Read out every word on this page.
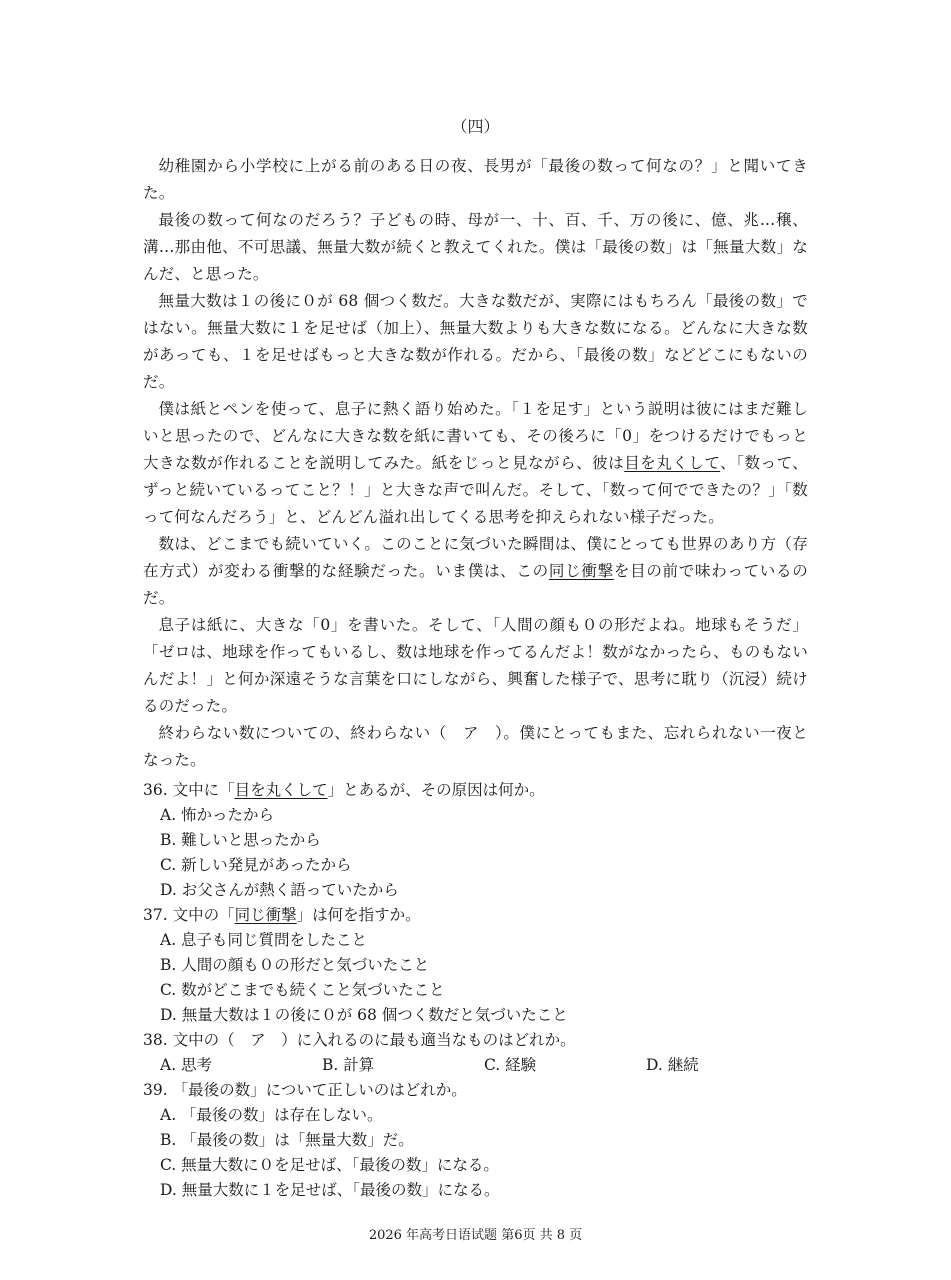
（四）

幼稚園から小学校に上がる前のある日の夜、長男が「最後の数って何なの？」と聞いてきた。

最後の数って何なのだろう？子どもの時、母が一、十、百、千、万の後に、億、兆…穣、溝…那由他、不可思議、無量大数が続くと教えてくれた。僕は「最後の数」は「無量大数」なんだ、と思った。

無量大数は１の後に０が 68 個つく数だ。大きな数だが、実際にはもちろん「最後の数」ではない。無量大数に１を足せば（加上）、無量大数よりも大きな数になる。どんなに大きな数があっても、１を足せばもっと大きな数が作れる。だから、「最後の数」などどこにもないのだ。

僕は紙とペンを使って、息子に熱く語り始めた。「１を足す」という説明は彼にはまだ難しいと思ったので、どんなに大きな数を紙に書いても、その後ろに「0」をつけるだけでもっと大きな数が作れることを説明してみた。紙をじっと見ながら、彼は目を丸くして、「数って、ずっと続いているってこと？！」と大きな声で叫んだ。そして、「数って何でできたの？」「数って何なんだろう」と、どんどん溢れ出してくる思考を抑えられない様子だった。

数は、どこまでも続いていく。このことに気づいた瞬間は、僕にとっても世界のあり方（存在方式）が変わる衝撃的な経験だった。いま僕は、この同じ衝撃を目の前で味わっているのだ。

息子は紙に、大きな「0」を書いた。そして、「人間の顔も０の形だよね。地球もそうだ」「ゼロは、地球を作ってもいるし、数は地球を作ってるんだよ！数がなかったら、ものもないんだよ！」と何か深遠そうな言葉を口にしながら、興奮した様子で、思考に耽り（沉浸）続けるのだった。

終わらない数についての、終わらない（　ア　）。僕にとってもまた、忘れられない一夜となった。

36. 文中に「目を丸くして」とあるが、その原因は何か。

A. 怖かったから

B. 難しいと思ったから

C. 新しい発見があったから

D. お父さんが熱く語っていたから

37. 文中の「同じ衝撃」は何を指すか。

A. 息子も同じ質問をしたこと

B. 人間の顔も０の形だと気づいたこと

C. 数がどこまでも続くこと気づいたこと

D. 無量大数は１の後に０が 68 個つく数だと気づいたこと

38. 文中の（　ア　）に入れるのに最も適当なものはどれか。

A. 思考	B. 計算	C. 経験	D. 継続

39. 「最後の数」について正しいのはどれか。

A. 「最後の数」は存在しない。

B. 「最後の数」は「無量大数」だ。

C. 無量大数に０を足せば、「最後の数」になる。

D. 無量大数に１を足せば、「最後の数」になる。

2026 年高考日语试题 第6页 共 8 页
